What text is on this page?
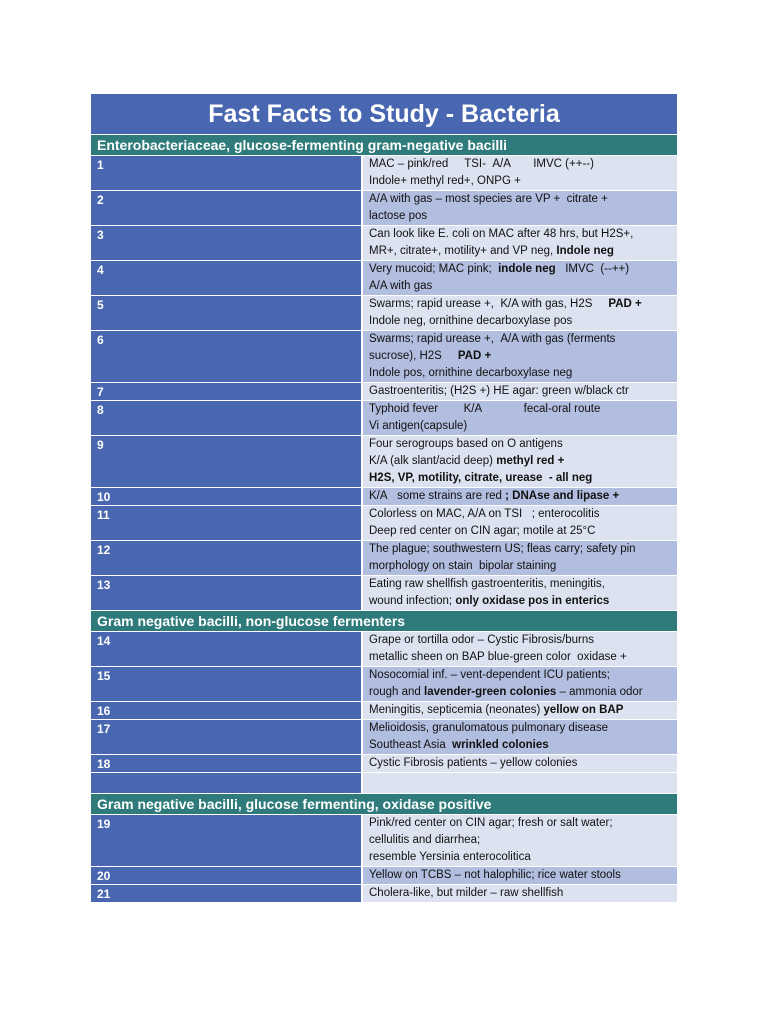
Fast Facts to Study - Bacteria
Enterobacteriaceae, glucose-fermenting gram-negative bacilli
1	MAC – pink/red     TSI-  A/A       IMVC (++--)
Indole+ methyl red+, ONPG +
2	A/A with gas – most species are VP +  citrate +
lactose pos
3	Can look like E. coli on MAC after 48 hrs, but H2S+,
MR+, citrate+, motility+ and VP neg, Indole neg
4	Very mucoid; MAC pink;  indole neg   IMVC  (--++)
A/A with gas
5	Swarms; rapid urease +,  K/A with gas, H2S     PAD +
Indole neg, ornithine decarboxylase pos
6	Swarms; rapid urease +,  A/A with gas (ferments
sucrose), H2S     PAD +
Indole pos, ornithine decarboxylase neg
7	Gastroenteritis; (H2S +) HE agar: green w/black ctr
8	Typhoid fever        K/A             fecal-oral route
Vi antigen(capsule)
9	Four serogroups based on O antigens
K/A (alk slant/acid deep) methyl red +
H2S, VP, motility, citrate, urease  - all neg
10	K/A   some strains are red ; DNAse and lipase +
11	Colorless on MAC, A/A on TSI   ; enterocolitis
Deep red center on CIN agar; motile at 25°C
12	The plague; southwestern US; fleas carry; safety pin
morphology on stain  bipolar staining
13	Eating raw shellfish gastroenteritis, meningitis,
wound infection; only oxidase pos in enterics
Gram negative bacilli, non-glucose fermenters
14	Grape or tortilla odor – Cystic Fibrosis/burns
metallic sheen on BAP blue-green color  oxidase +
15	Nosocomial inf. – vent-dependent ICU patients;
rough and lavender-green colonies – ammonia odor
16	Meningitis, septicemia (neonates) yellow on BAP
17	Melioidosis, granulomatous pulmonary disease
Southeast Asia  wrinkled colonies
18	Cystic Fibrosis patients – yellow colonies
Gram negative bacilli, glucose fermenting, oxidase positive
19	Pink/red center on CIN agar; fresh or salt water;
cellulitis and diarrhea;
resemble Yersinia enterocolitica
20	Yellow on TCBS – not halophilic; rice water stools
21	Cholera-like, but milder – raw shellfish
